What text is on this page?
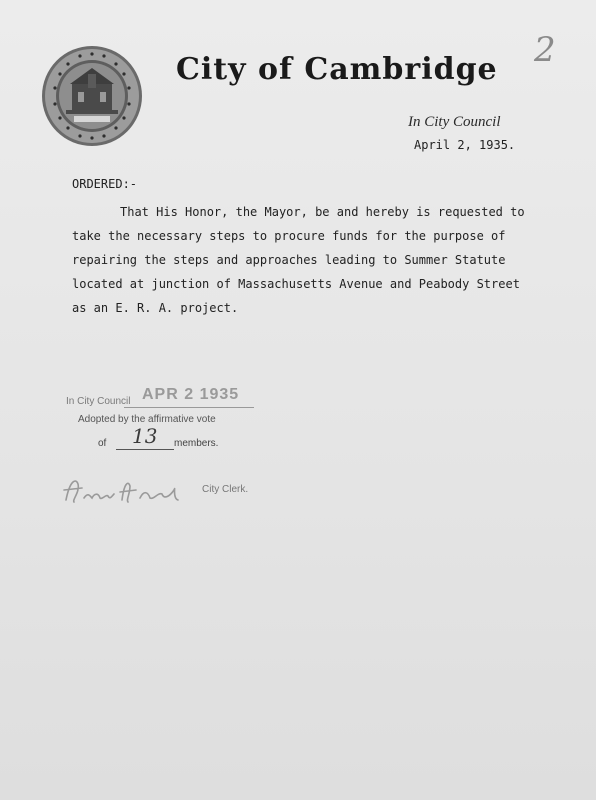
City of Cambridge 2
In City Council
April 2, 1935.
ORDERED:-
That His Honor, the Mayor, be and hereby is requested to
take the necessary steps to procure funds for the purpose of
repairing the steps and approaches leading to Summer Statute
located at junction of Massachusetts Avenue and Peabody Street
as an E. R. A. project.
In City Council APR 2 1935
Adopted by the affirmative vote
of 13 members.
City Clerk.
